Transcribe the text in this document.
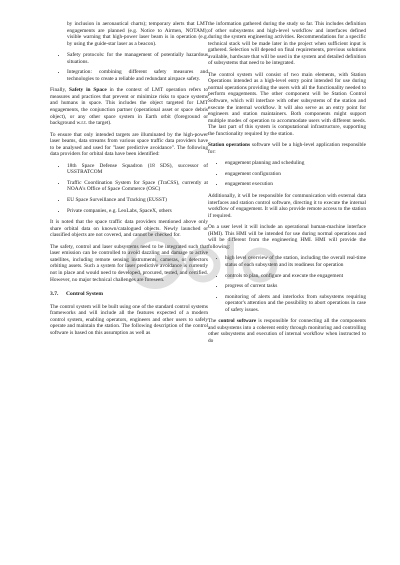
by inclusion in aeronautical charts); temporary alerts that LMT engagements are planned (e.g. Notice to Airmen, NOTAM); visible warning that high-power laser beam is in operation (e.g. by using the guide-star laser as a beacon).
• Safety protocols: for the management of potentially hazardous situations.
• Integration: combining different safety measures and technologies to create a reliable and redundant airspace safety.

Finally, Safety in Space in the context of LMT operation refers to measures and practices that prevent or minimize risks to space systems and humans in space. This includes the object targeted for LMT engagements, the conjunction partner (operational asset or space debris object), or any other space system in Earth orbit (foreground or background w.r.t. the target).

To ensure that only intended targets are illuminated by the high-power laser beams, data streams from various space traffic data providers have to be analysed and used for "laser predictive avoidance". The following data providers for orbital data have been identified:

• 18th Space Defense Squadron (18 SDS), successor of USSTRATCOM
• Traffic Coordination System for Space (TraCSS), currently at NOAA's Office of Space Commerce (OSC)
• EU Space Surveillance and Tracking (EUSST)
• Private companies, e.g. LeoLabs, SpaceX, others

It is noted that the space traffic data providers mentioned above only share orbital data on known/catalogued objects. Newly launched or classified objects are not covered, and cannot be checked for.

The safety, control and laser subsystems need to be integrated such that laser emission can be controlled to avoid dazzling and damage to active satellites, including remote sensing instruments, cameras, or detectors orbiting assets. Such a system for laser predictive avoidance is currently not in place and would need to developed, procured, tested, and certified. However, no major technical challenges are foreseen.

3.7. Control System

The control system will be built using one of the standard control systems frameworks and will include all the features expected of a modern control system, enabling operators, engineers and other users to safely operate and maintain the station. The following description of the control software is based on this assumption as well as

the information gathered during the study so far. This includes definition of other subsystems and high-level workflow and interfaces defined during the system engineering activities. Recommendations for a specific technical stack will be made later in the project when sufficient input is gathered. Selection will depend on final requirements, previous solutions available, hardware that will be used in the system and detailed definition of subsystems that need to be integrated.

The control system will consist of two main elements, with Station Operations intended as a high-level entry point intended for use during normal operations providing the users with all the functionality needed to perform engagements. The other component will be Station Control Software, which will interface with other subsystems of the station and execute the internal workflow. It will also serve as an entry point for engineers and station maintainers. Both components might support multiple modes of operation to accommodate users with different needs. The last part of this system is computational infrastructure, supporting the functionality required by the station.

Station operations software will be a high-level application responsible for:

• engagement planning and scheduling
• engagement configuration
• engagement execution

Additionally, it will be responsible for communication with external data interfaces and station control software, directing it to execute the internal workflow of engagement. It will also provide remote access to the station if required.

On a user level it will include an operational human-machine interface (HMI). This HMI will be intended for use during normal operations and will be different from the engineering HMI. HMI will provide the following:

• high level overview of the station, including the overall real-time status of each subsystem and its readiness for operation
• controls to plan, configure and execute the engagement
• progress of current tasks
• monitoring of alerts and interlocks from subsystems requiring operator's attention and the possibility to abort operations in case of safety issues.

The control software is responsible for connecting all the components and subsystems into a coherent entity through monitoring and controlling other subsystems and execution of internal workflow when instructed to do
